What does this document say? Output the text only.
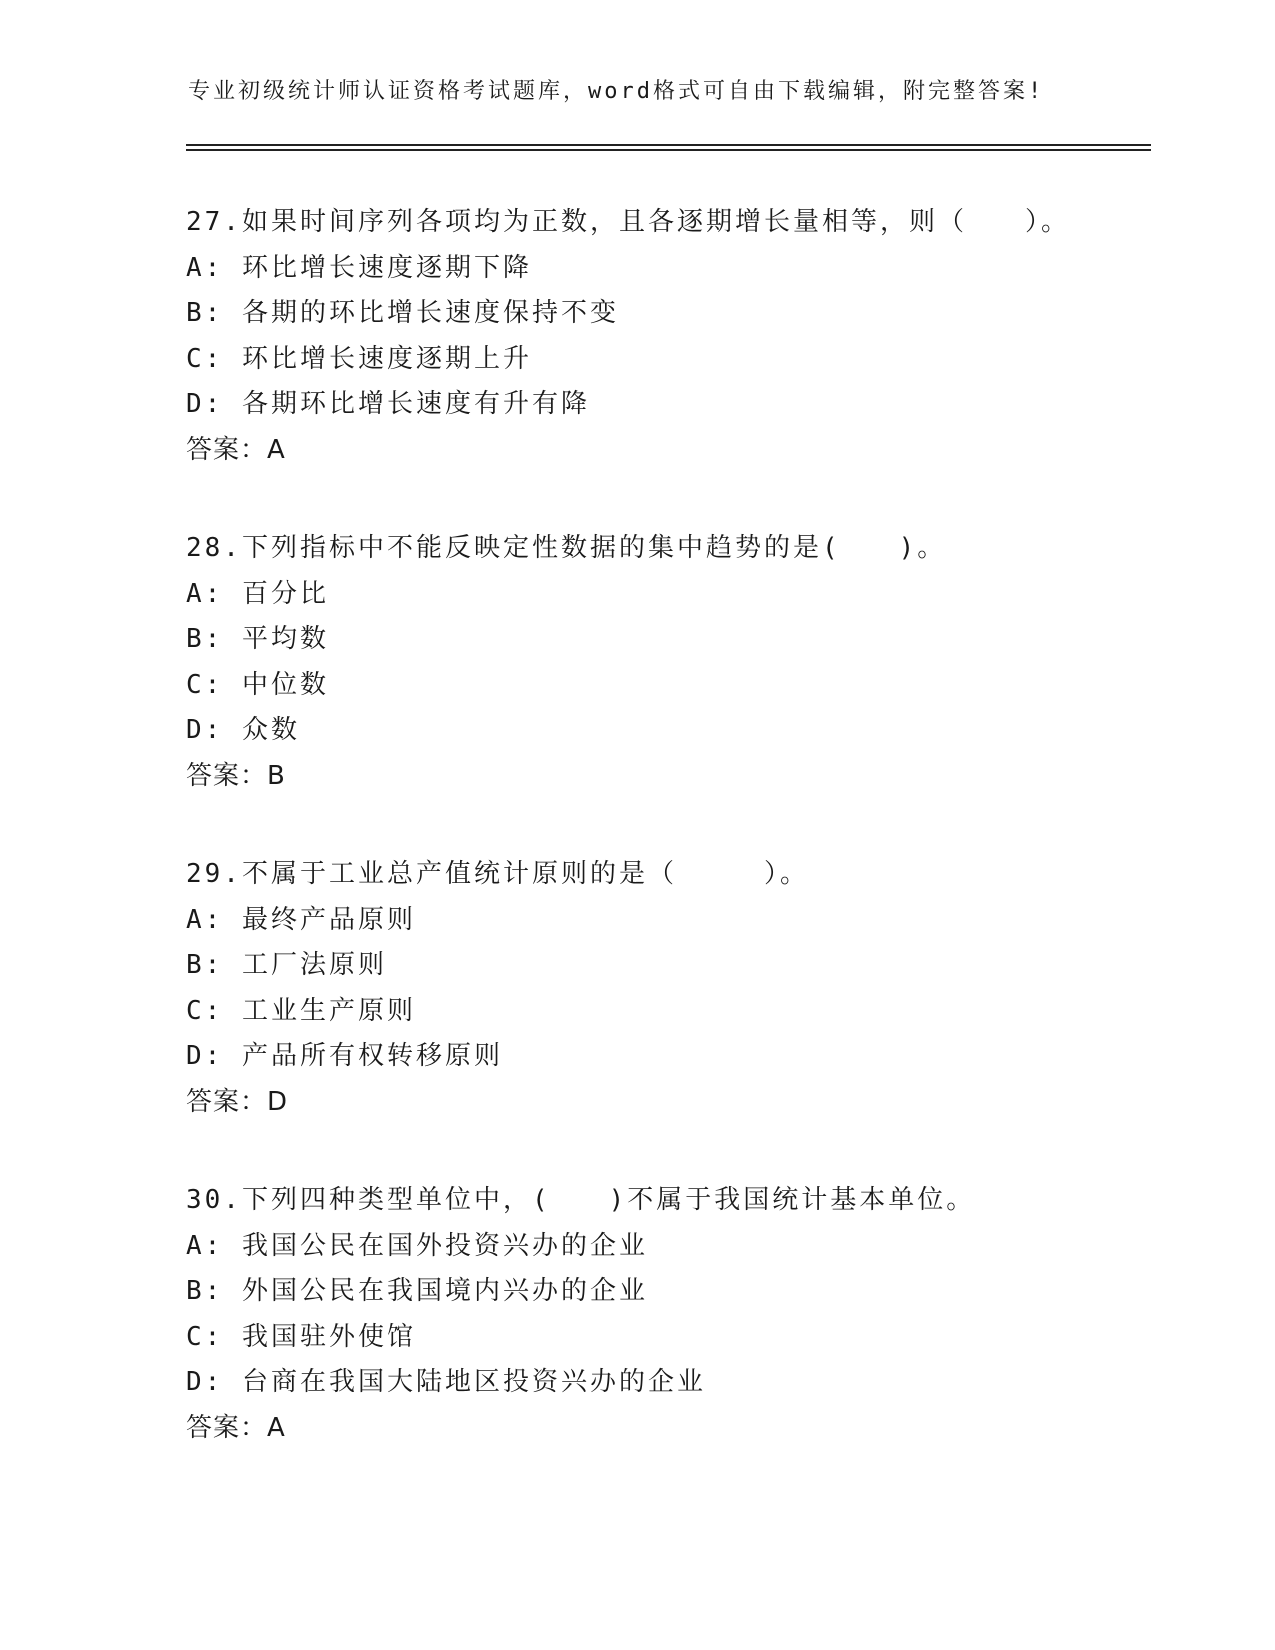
专业初级统计师认证资格考试题库，word格式可自由下载编辑，附完整答案!
27.如果时间序列各项均为正数，且各逐期增长量相等，则（　　）。
A: 环比增长速度逐期下降
B: 各期的环比增长速度保持不变
C: 环比增长速度逐期上升
D: 各期环比增长速度有升有降
答案：A
28.下列指标中不能反映定性数据的集中趋势的是(　　)。
A: 百分比
B: 平均数
C: 中位数
D: 众数
答案：B
29.不属于工业总产值统计原则的是（　　　）。
A: 最终产品原则
B: 工厂法原则
C: 工业生产原则
D: 产品所有权转移原则
答案：D
30.下列四种类型单位中，(　　)不属于我国统计基本单位。
A: 我国公民在国外投资兴办的企业
B: 外国公民在我国境内兴办的企业
C: 我国驻外使馆
D: 台商在我国大陆地区投资兴办的企业
答案：A
